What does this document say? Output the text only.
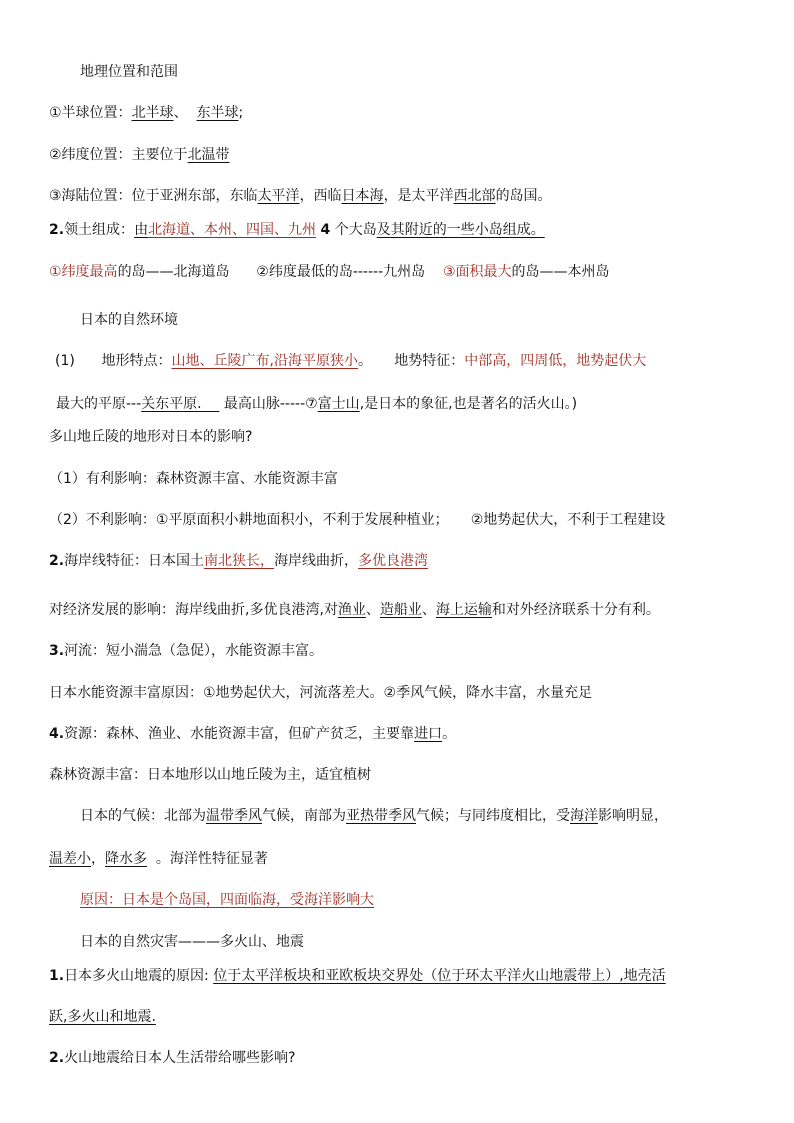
地理位置和范围
①半球位置：北半球、 东半球;
②纬度位置：主要位于北温带
③海陆位置：位于亚洲东部，东临太平洋，西临日本海，是太平洋西北部的岛国。
2.领土组成：由北海道、本州、四国、九州 4 个大岛及其附近的一些小岛组成。
①纬度最高的岛——北海道岛 ②纬度最低的岛------九州岛 ③面积最大的岛——本州岛
日本的自然环境
(1) 地形特点：山地、丘陵广布,沿海平原狭小。 地势特征：中部高，四周低，地势起伏大
最大的平原---关东平原. 最高山脉-----⑦富士山,是日本的象征,也是著名的活火山。)
多山地丘陵的地形对日本的影响?
（1）有利影响：森林资源丰富、水能资源丰富
（2）不利影响：①平原面积小耕地面积小，不利于发展种植业； ②地势起伏大，不利于工程建设
2.海岸线特征：日本国土南北狭长，海岸线曲折，多优良港湾
对经济发展的影响：海岸线曲折,多优良港湾,对渔业、造船业、海上运输和对外经济联系十分有利。
3.河流：短小湍急（急促），水能资源丰富。
日本水能资源丰富原因：①地势起伏大，河流落差大。②季风气候，降水丰富，水量充足
4.资源：森林、渔业、水能资源丰富，但矿产贫乏，主要靠进口。
森林资源丰富：日本地形以山地丘陵为主，适宜植树
日本的气候：北部为温带季风气候，南部为亚热带季风气候；与同纬度相比，受海洋影响明显，
温差小，降水多 。海洋性特征显著
原因：日本是个岛国，四面临海，受海洋影响大
日本的自然灾害———多火山、地震
1.日本多火山地震的原因: 位于太平洋板块和亚欧板块交界处（位于环太平洋火山地震带上）,地壳活
跃,多火山和地震.
2.火山地震给日本人生活带给哪些影响?
